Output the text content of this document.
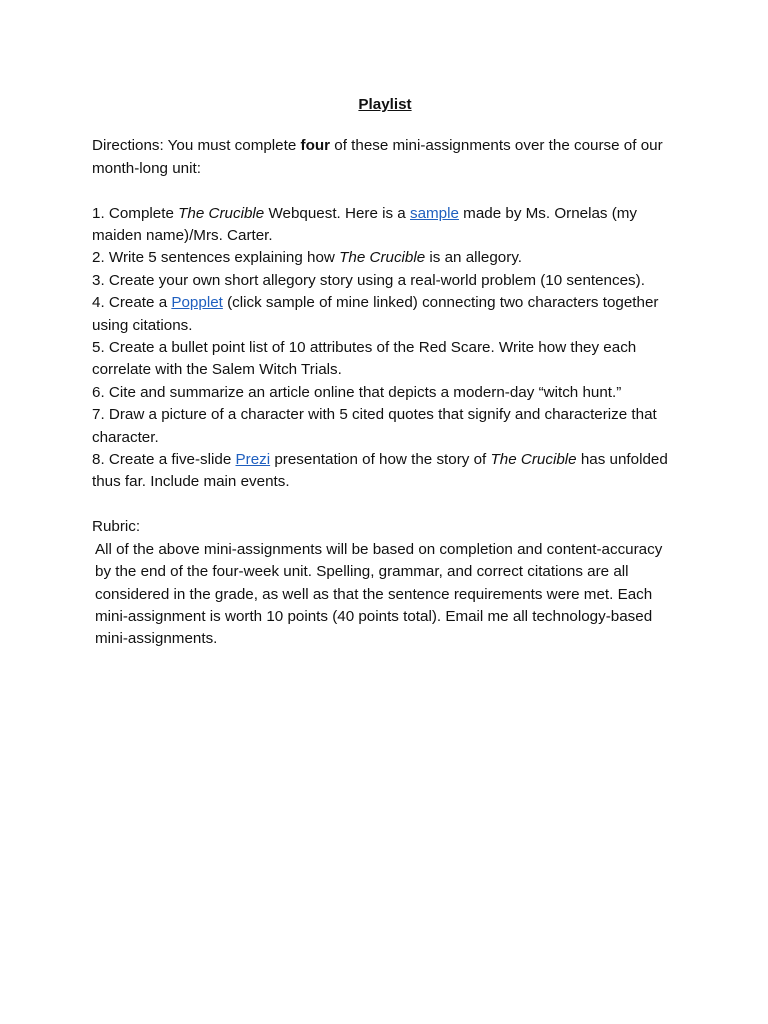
Playlist

Directions: You must complete four of these mini-assignments over the course of our month-long unit:

1. Complete The Crucible Webquest. Here is a sample made by Ms. Ornelas (my maiden name)/Mrs. Carter.

2. Write 5 sentences explaining how The Crucible is an allegory.

3. Create your own short allegory story using a real-world problem (10 sentences).

4. Create a Popplet (click sample of mine linked) connecting two characters together using citations.

5. Create a bullet point list of 10 attributes of the Red Scare. Write how they each correlate with the Salem Witch Trials.

6. Cite and summarize an article online that depicts a modern-day “witch hunt.”

7. Draw a picture of a character with 5 cited quotes that signify and characterize that character.

8. Create a five-slide Prezi presentation of how the story of The Crucible has unfolded thus far. Include main events.

Rubric:

All of the above mini-assignments will be based on completion and content-accuracy by the end of the four-week unit. Spelling, grammar, and correct citations are all considered in the grade, as well as that the sentence requirements were met. Each mini-assignment is worth 10 points (40 points total). Email me all technology-based mini-assignments.
